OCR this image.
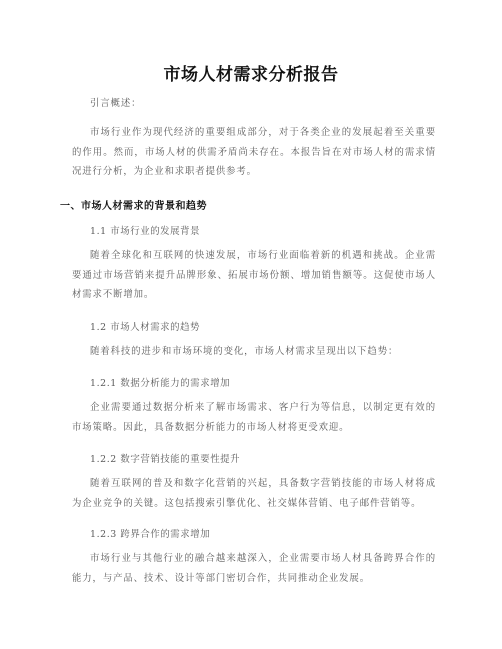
市场人材需求分析报告

引言概述：

市场行业作为现代经济的重要组成部分，对于各类企业的发展起着至关重要的作用。然而，市场人材的供需矛盾尚未存在。本报告旨在对市场人材的需求情况进行分析，为企业和求职者提供参考。

一、市场人材需求的背景和趋势
1.1 市场行业的发展背景

随着全球化和互联网的快速发展，市场行业面临着新的机遇和挑战。企业需要通过市场营销来提升品牌形象、拓展市场份额、增加销售额等。这促使市场人材需求不断增加。

1.2 市场人材需求的趋势

随着科技的进步和市场环境的变化，市场人材需求呈现出以下趋势：

1.2.1 数据分析能力的需求增加

企业需要通过数据分析来了解市场需求、客户行为等信息，以制定更有效的市场策略。因此，具备数据分析能力的市场人材将更受欢迎。

1.2.2 数字营销技能的重要性提升

随着互联网的普及和数字化营销的兴起，具备数字营销技能的市场人材将成为企业竞争的关键。这包括搜索引擎优化、社交媒体营销、电子邮件营销等。

1.2.3 跨界合作的需求增加

市场行业与其他行业的融合越来越深入，企业需要市场人材具备跨界合作的能力，与产品、技术、设计等部门密切合作，共同推动企业发展。
